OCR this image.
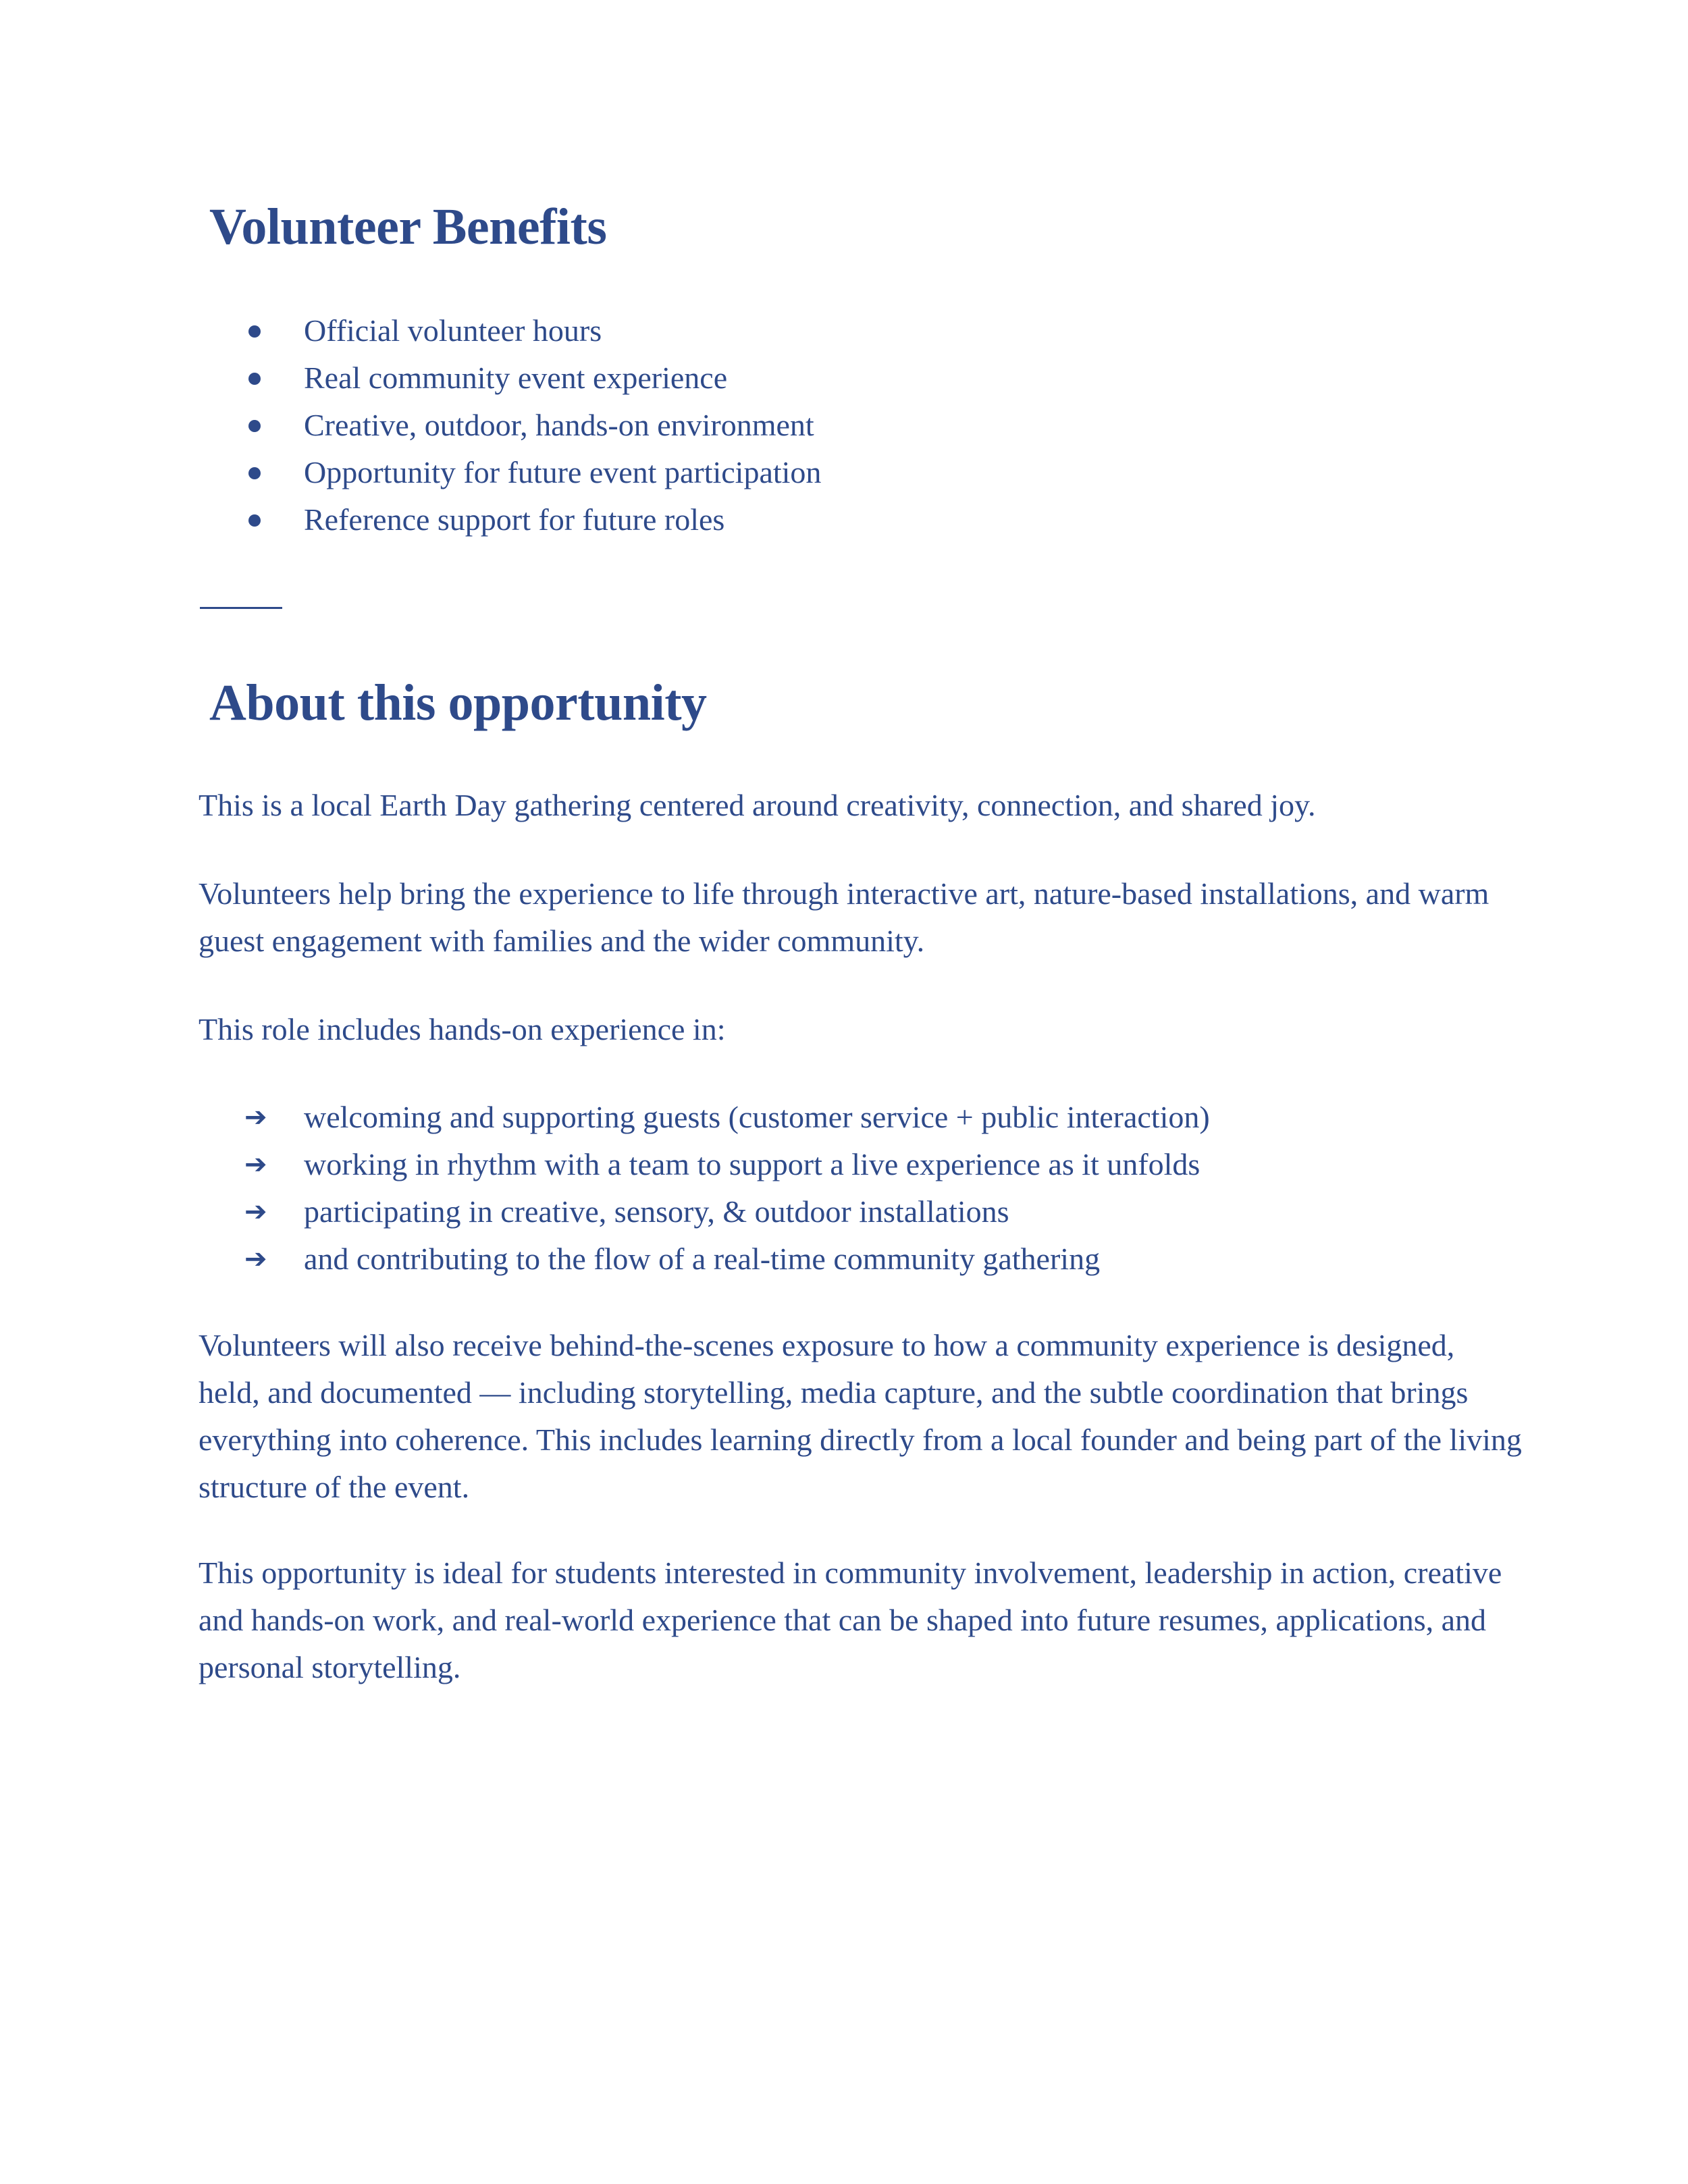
Volunteer Benefits
Official volunteer hours
Real community event experience
Creative, outdoor, hands-on environment
Opportunity for future event participation
Reference support for future roles
About this opportunity

This is a local Earth Day gathering centered around creativity, connection, and shared joy.

Volunteers help bring the experience to life through interactive art, nature-based installations, and warm guest engagement with families and the wider community.

This role includes hands-on experience in:

➔ welcoming and supporting guests (customer service + public interaction)
➔ working in rhythm with a team to support a live experience as it unfolds
➔ participating in creative, sensory, & outdoor installations
➔ and contributing to the flow of a real-time community gathering

Volunteers will also receive behind-the-scenes exposure to how a community experience is designed, held, and documented — including storytelling, media capture, and the subtle coordination that brings everything into coherence. This includes learning directly from a local founder and being part of the living structure of the event.

This opportunity is ideal for students interested in community involvement, leadership in action, creative and hands-on work, and real-world experience that can be shaped into future resumes, applications, and personal storytelling.
